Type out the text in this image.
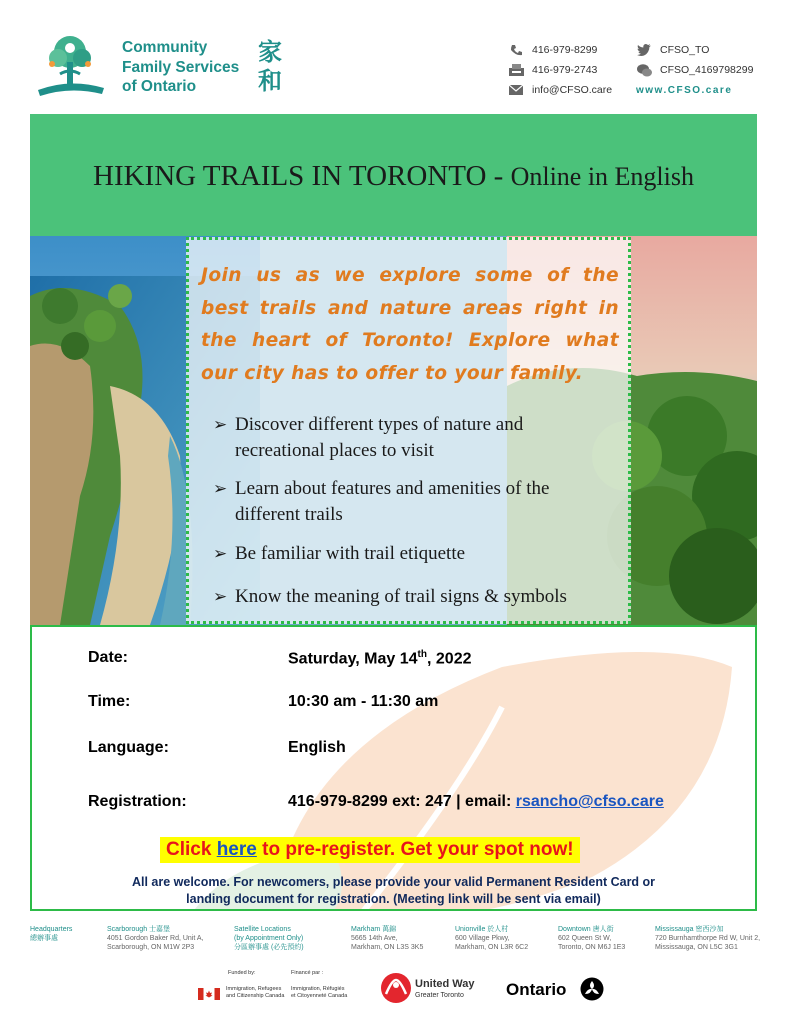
Community
Family Services
of Ontario
家
和
416-979-8299
416-979-2743
info@CFSO.care
CFSO_TO
CFSO_4169798299
www.CFSO.care
HIKING TRAILS IN TORONTO - Online in English
Join us as we explore some of the best trails and nature areas right in the heart of Toronto! Explore what our city has to offer to your family.
➢ Discover different types of nature and recreational places to visit
➢ Learn about features and amenities of the different trails
➢ Be familiar with trail etiquette
➢ Know the meaning of trail signs & symbols
Date:	Saturday, May 14th, 2022
Time:	10:30 am - 11:30 am
Language:	English
Registration:	416-979-8299 ext: 247 | email: rsancho@cfso.care
Click here to pre-register. Get your spot now!
All are welcome. For newcomers, please provide your valid Permanent Resident Card or
landing document for registration. (Meeting link will be sent via email)
Headquarters
總辦事處
Scarborough 士嘉堡
4051 Gordon Baker Rd, Unit A,
Scarborough, ON M1W 2P3
Satellite Locations
(by Appointment Only)
分區辦事處 (必先預約)
Markham 萬錦
5665 14th Ave,
Markham, ON L3S 3K5
Unionville 於人村
600 Village Pkwy,
Markham, ON L3R 6C2
Downtown 唐人街
602 Queen St W,
Toronto, ON M6J 1E3
Mississauga 密西沙加
720 Burnhamthorpe Rd W, Unit 2,
Mississauga, ON L5C 3G1
Funded by:	Financé par :
Immigration, Refugees
and Citizenship Canada
Immigration, Réfugiés
et Citoyenneté Canada
United Way
Greater Toronto Ontario
